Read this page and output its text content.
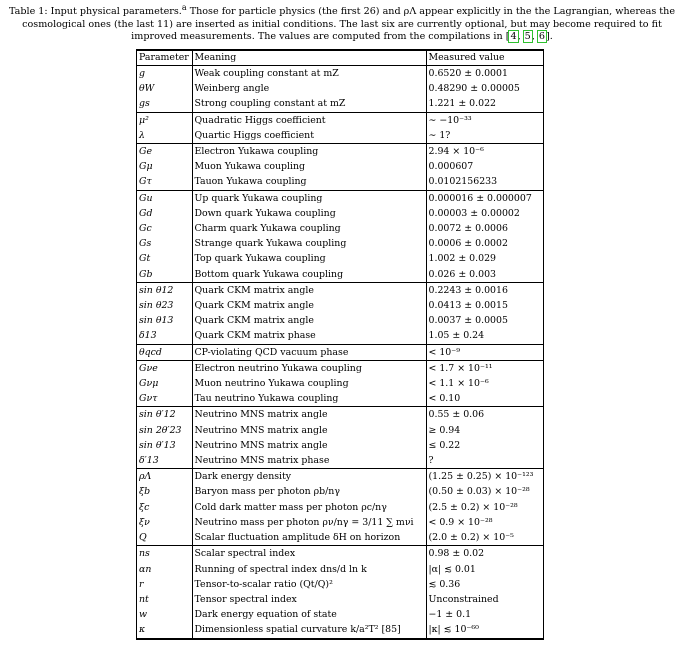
Table 1: Input physical parameters.$^a$ Those for particle physics (the first 26) and ρΛ appear explicitly in the the Lagrangian, whereas the cosmological ones (the last 11) are inserted as initial conditions. The last six are currently optional, but may become required to fit improved measurements. The values are computed from the compilations in [4, 5, 6].
Parameter	Meaning	Measured value
g	Weak coupling constant at mZ	0.6520 ± 0.0001
θW	Weinberg angle	0.48290 ± 0.00005
gs	Strong coupling constant at mZ	1.221 ± 0.022
μ²	Quadratic Higgs coefficient	∼ −10⁻³³
λ	Quartic Higgs coefficient	∼ 1?
Ge	Electron Yukawa coupling	2.94 × 10⁻⁶
Gμ	Muon Yukawa coupling	0.000607
Gτ	Tauon Yukawa coupling	0.0102156233
Gu	Up quark Yukawa coupling	0.000016 ± 0.000007
Gd	Down quark Yukawa coupling	0.00003 ± 0.00002
Gc	Charm quark Yukawa coupling	0.0072 ± 0.0006
Gs	Strange quark Yukawa coupling	0.0006 ± 0.0002
Gt	Top quark Yukawa coupling	1.002 ± 0.029
Gb	Bottom quark Yukawa coupling	0.026 ± 0.003
sin θ12	Quark CKM matrix angle	0.2243 ± 0.0016
sin θ23	Quark CKM matrix angle	0.0413 ± 0.0015
sin θ13	Quark CKM matrix angle	0.0037 ± 0.0005
δ13	Quark CKM matrix phase	1.05 ± 0.24
θqcd	CP-violating QCD vacuum phase	< 10⁻⁹
Gνe	Electron neutrino Yukawa coupling	< 1.7 × 10⁻¹¹
Gνμ	Muon neutrino Yukawa coupling	< 1.1 × 10⁻⁶
Gντ	Tau neutrino Yukawa coupling	< 0.10
sin θ′12	Neutrino MNS matrix angle	0.55 ± 0.06
sin 2θ′23	Neutrino MNS matrix angle	≥ 0.94
sin θ′13	Neutrino MNS matrix angle	≤ 0.22
δ′13	Neutrino MNS matrix phase	?
ρΛ	Dark energy density	(1.25 ± 0.25) × 10⁻¹²³
ξb	Baryon mass per photon ρb/nγ	(0.50 ± 0.03) × 10⁻²⁸
ξc	Cold dark matter mass per photon ρc/nγ	(2.5 ± 0.2) × 10⁻²⁸
ξν	Neutrino mass per photon ρν/nγ = 3/11 ∑ mνi	< 0.9 × 10⁻²⁸
Q	Scalar fluctuation amplitude δH on horizon	(2.0 ± 0.2) × 10⁻⁵
ns	Scalar spectral index	0.98 ± 0.02
αn	Running of spectral index dns/d ln k	|α| ≲ 0.01
r	Tensor-to-scalar ratio (Qt/Q)²	≲ 0.36
nt	Tensor spectral index	Unconstrained
w	Dark energy equation of state	−1 ± 0.1
κ	Dimensionless spatial curvature k/a²T² [85]	|κ| ≲ 10⁻⁶⁰
